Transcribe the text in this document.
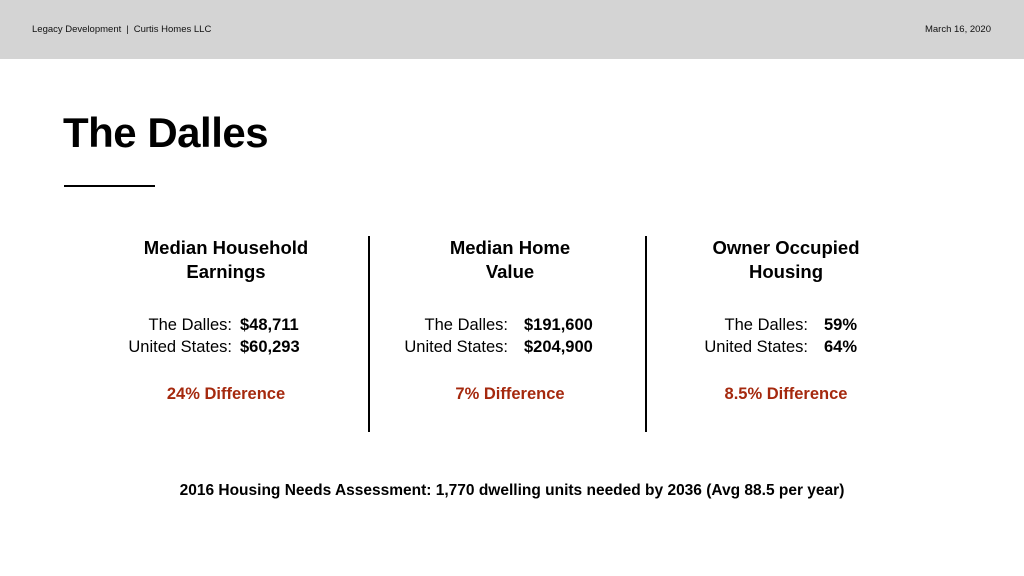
Legacy Development | Curtis Homes LLC	March 16, 2020
The Dalles
Median Household
Earnings
The Dalles: $48,711
United States: $60,293
24% Difference
Median Home
Value
The Dalles: $191,600
United States: $204,900
7% Difference
Owner Occupied
Housing
The Dalles: 59%
United States: 64%
8.5% Difference
2016 Housing Needs Assessment: 1,770 dwelling units needed by 2036 (Avg 88.5 per year)
